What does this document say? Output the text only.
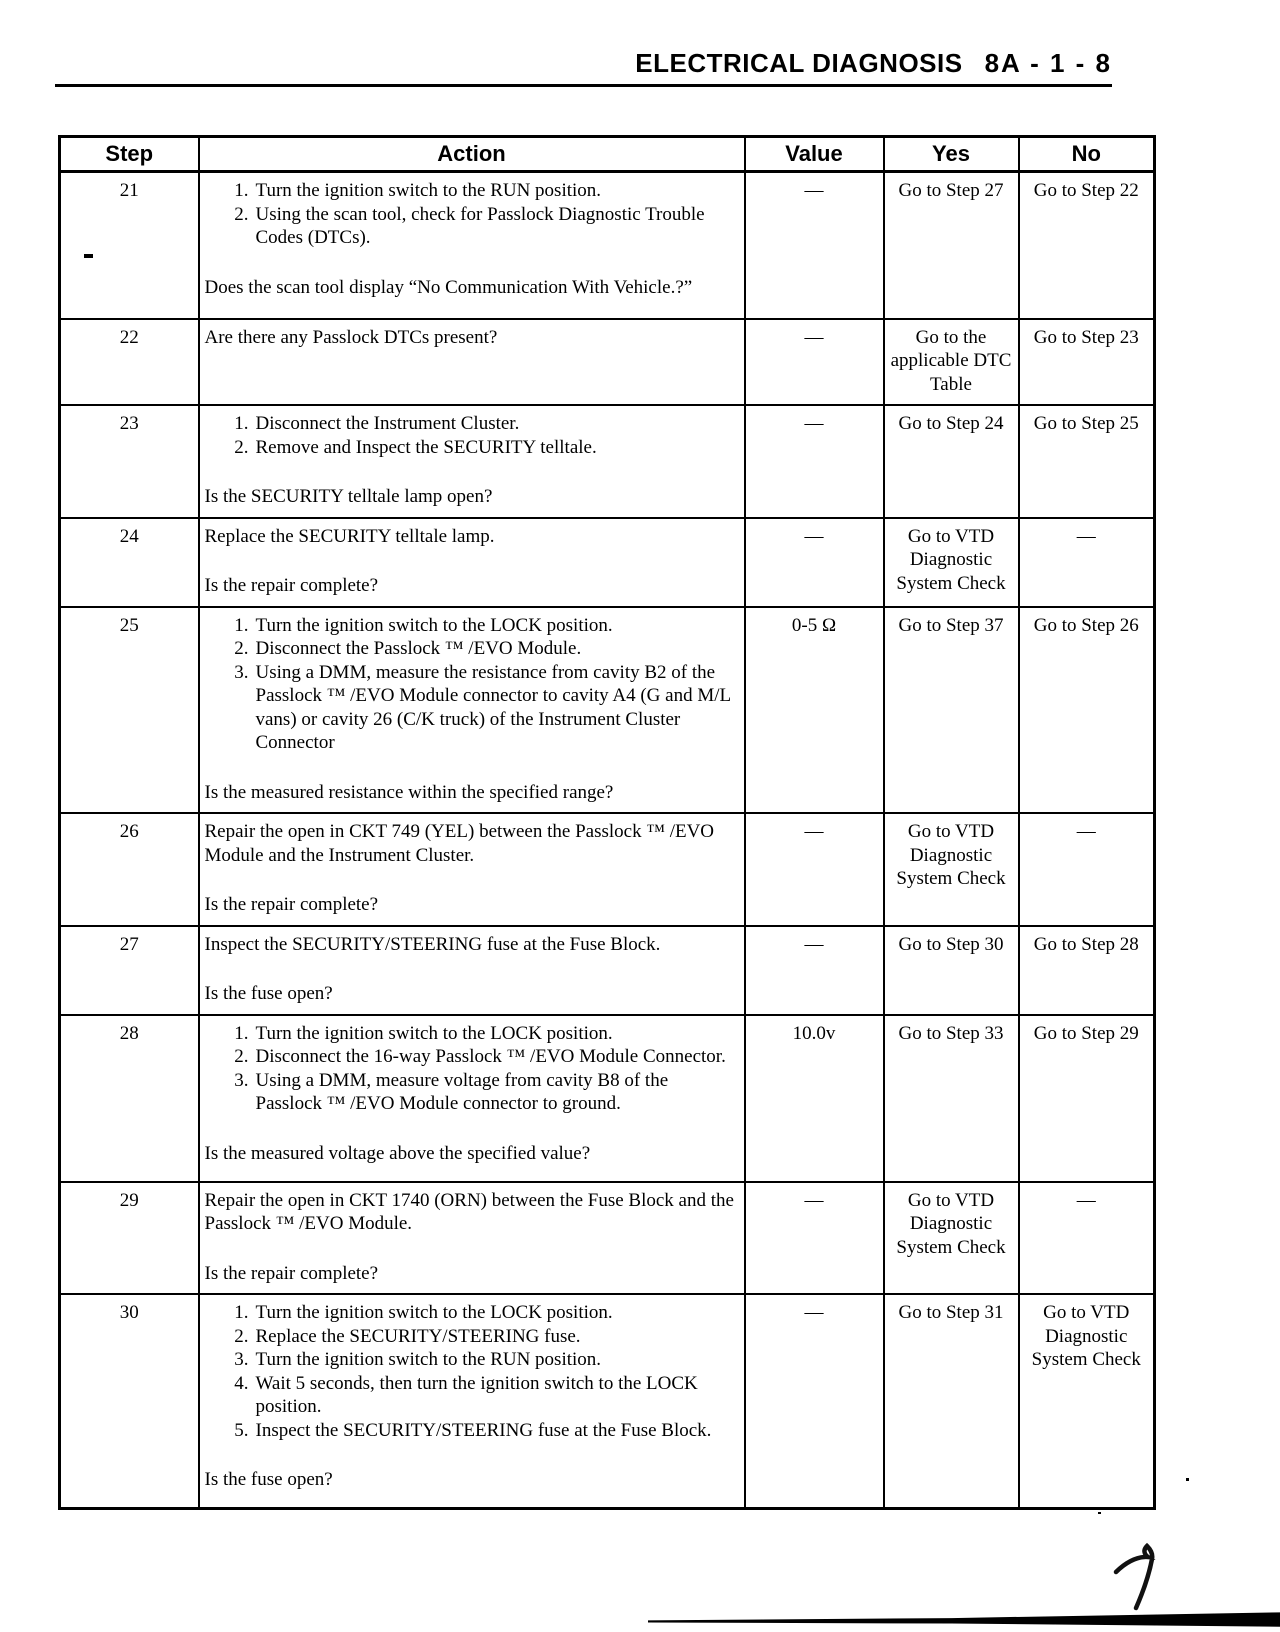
ELECTRICAL DIAGNOSIS 8A - 1 - 8
Step	Action	Value	Yes	No
21	1. Turn the ignition switch to the RUN position.
2. Using the scan tool, check for Passlock Diagnostic Trouble Codes (DTCs).

Does the scan tool display “No Communication With Vehicle.?”	—	Go to Step 27	Go to Step 22
22	Are there any Passlock DTCs present?	—	Go to the applicable DTC Table	Go to Step 23
23	1. Disconnect the Instrument Cluster.
2. Remove and Inspect the SECURITY telltale.

Is the SECURITY telltale lamp open?	—	Go to Step 24	Go to Step 25
24	Replace the SECURITY telltale lamp.

Is the repair complete?	—	Go to VTD Diagnostic System Check	—
25	1. Turn the ignition switch to the LOCK position.
2. Disconnect the Passlock ™ /EVO Module.
3. Using a DMM, measure the resistance from cavity B2 of the Passlock ™ /EVO Module connector to cavity A4 (G and M/L vans) or cavity 26 (C/K truck) of the Instrument Cluster Connector

Is the measured resistance within the specified range?

	0-5 Ω	Go to Step 37	Go to Step 26
26	Repair the open in CKT 749 (YEL) between the Passlock ™ /EVO Module and the Instrument Cluster.

Is the repair complete?	—	Go to VTD Diagnostic System Check	—
27	Inspect the SECURITY/STEERING fuse at the Fuse Block.

Is the fuse open?	—	Go to Step 30	Go to Step 28
28	1. Turn the ignition switch to the LOCK position.
2. Disconnect the 16-way Passlock ™ /EVO Module Connector.
3. Using a DMM, measure voltage from cavity B8 of the Passlock ™ /EVO Module connector to ground.

Is the measured voltage above the specified value?

	10.0v	Go to Step 33	Go to Step 29
29	Repair the open in CKT 1740 (ORN) between the Fuse Block and the Passlock ™ /EVO Module.

Is the repair complete?	—	Go to VTD Diagnostic System Check	—
30	1. Turn the ignition switch to the LOCK position.
2. Replace the SECURITY/STEERING fuse.
3. Turn the ignition switch to the RUN position.
4. Wait 5 seconds, then turn the ignition switch to the LOCK position.
5. Inspect the SECURITY/STEERING fuse at the Fuse Block.

Is the fuse open?

	—	Go to Step 31	Go to VTD Diagnostic System Check
